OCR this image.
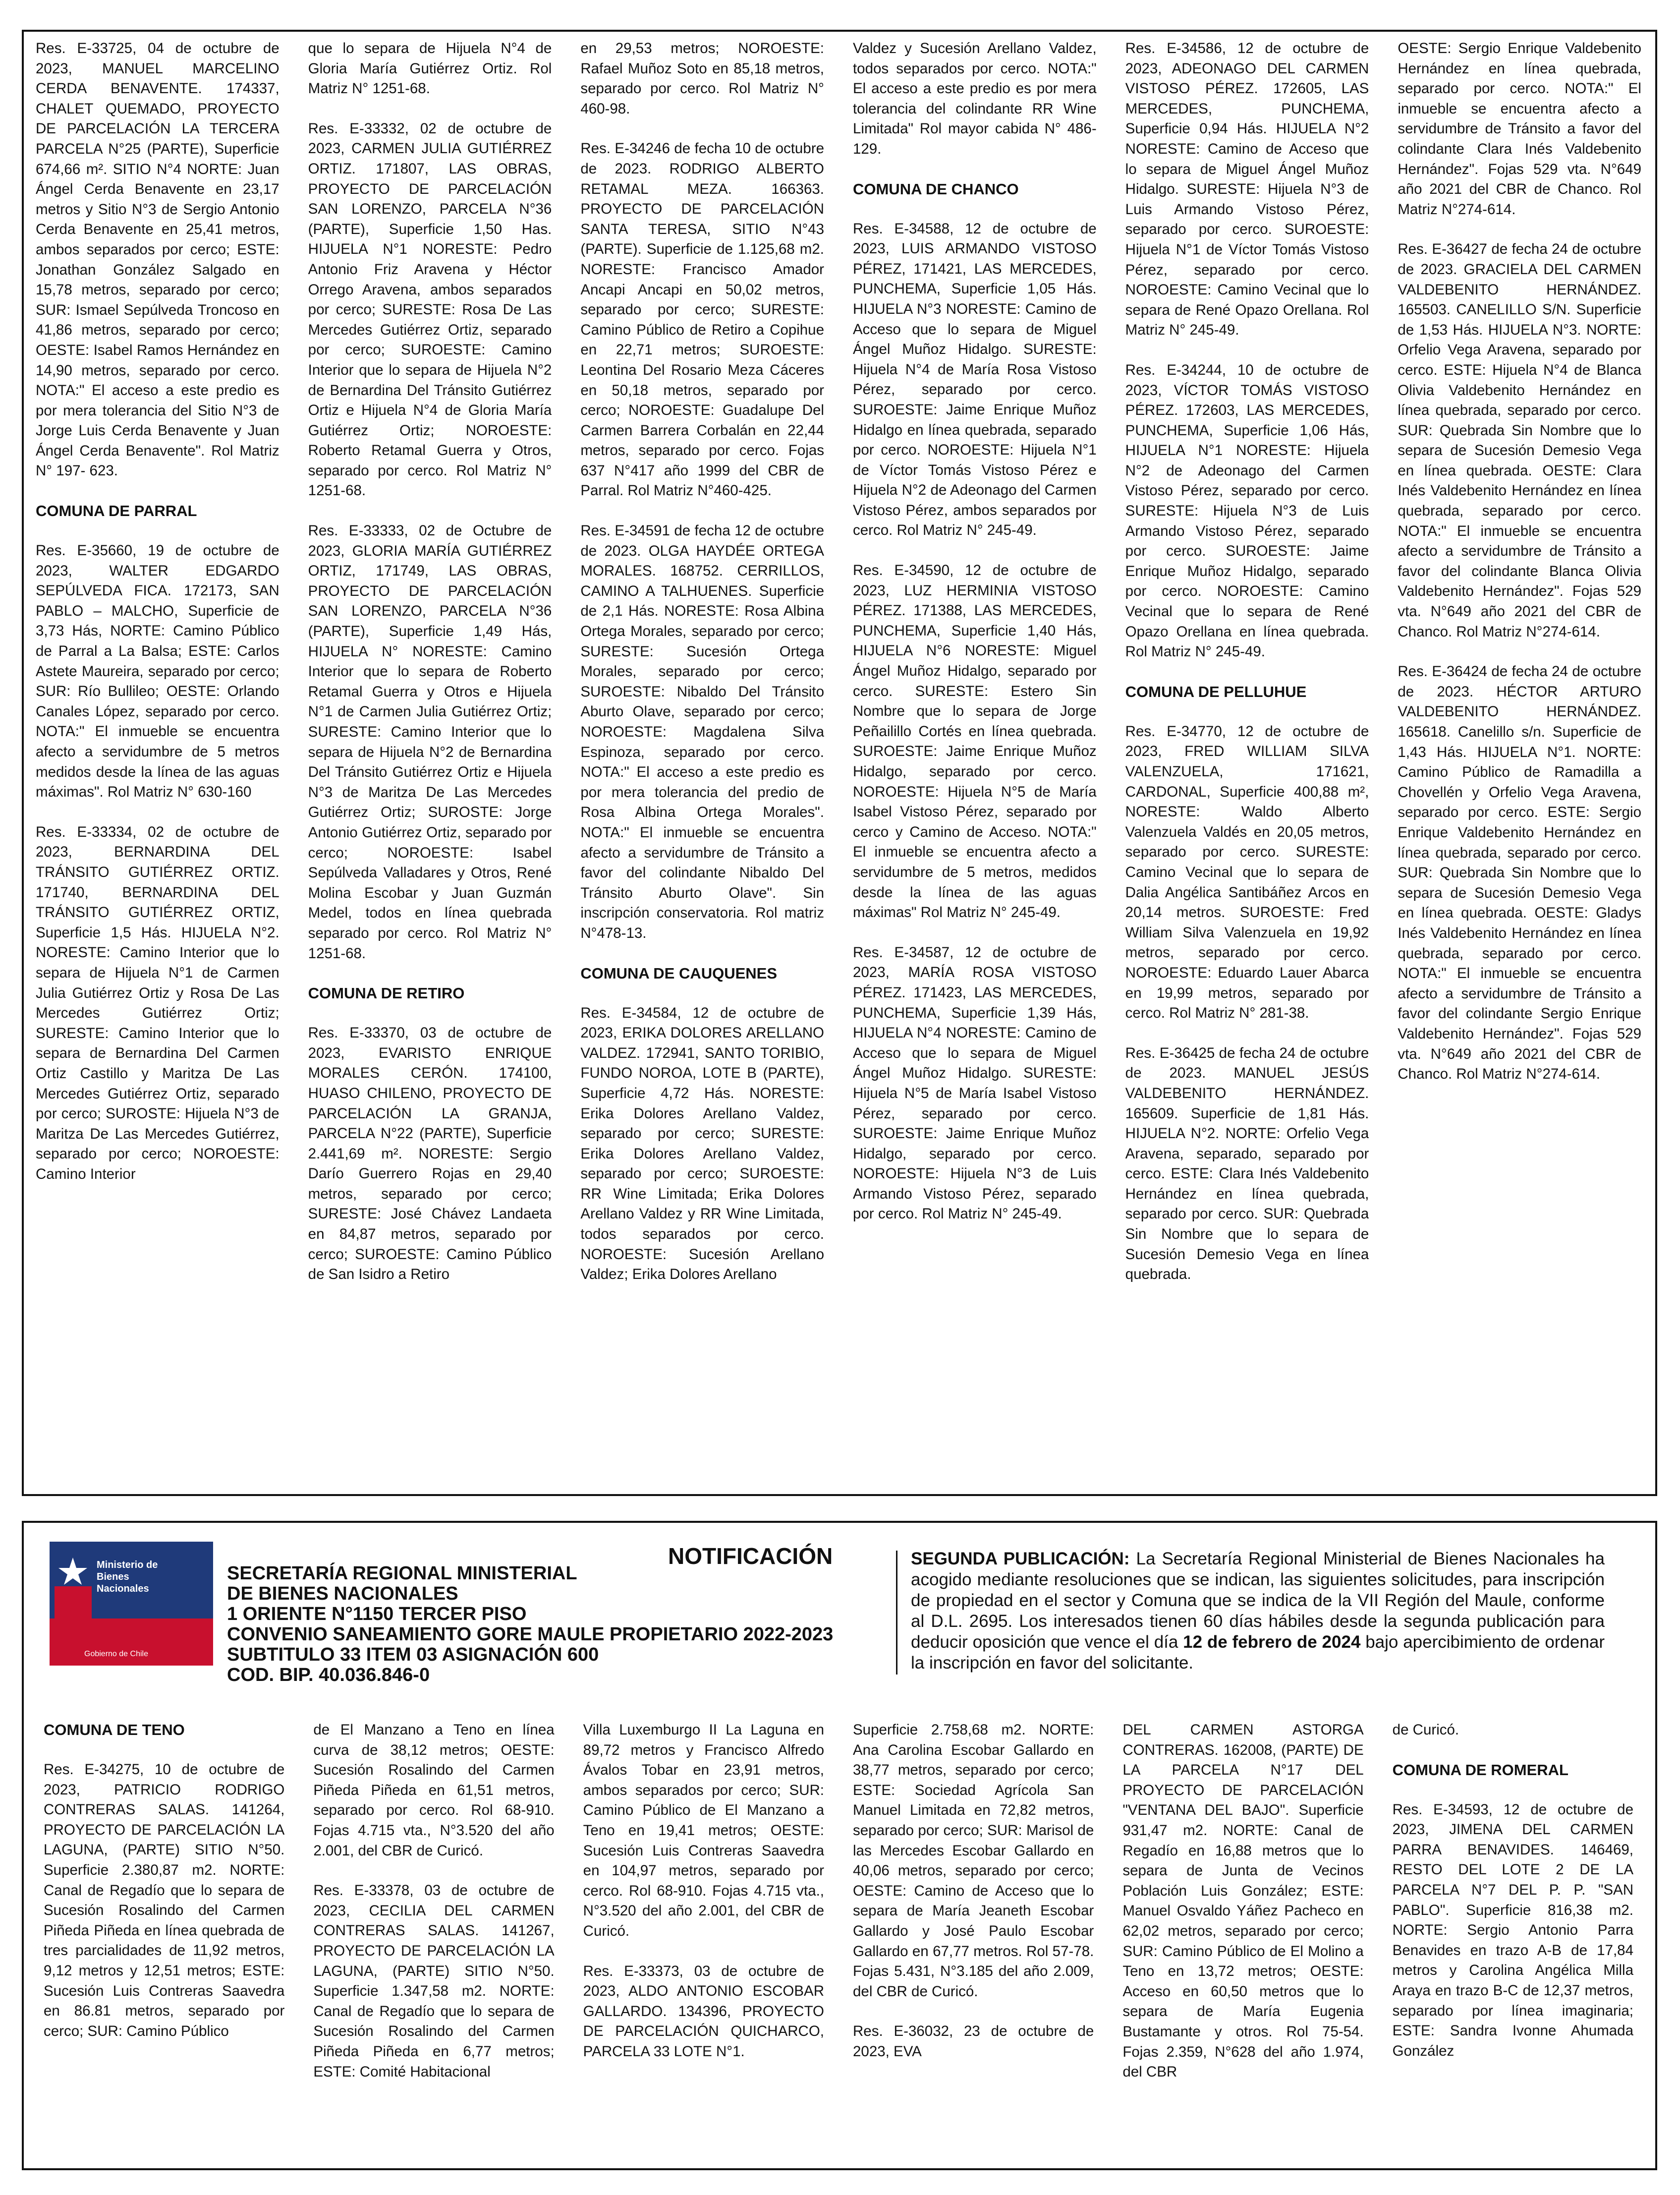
Res. E-33725, 04 de octubre de 2023, MANUEL MARCELINO CERDA BENAVENTE. 174337, CHALET QUEMADO, PROYECTO DE PARCELACIÓN LA TERCERA PARCELA N°25 (PARTE), Superficie 674,66 m². SITIO N°4 NORTE: Juan Ángel Cerda Benavente en 23,17 metros y Sitio N°3 de Sergio Antonio Cerda Benavente en 25,41 metros, ambos separados por cerco; ESTE: Jonathan González Salgado en 15,78 metros, separado por cerco; SUR: Ismael Sepúlveda Troncoso en 41,86 metros, separado por cerco; OESTE: Isabel Ramos Hernández en 14,90 metros, separado por cerco. NOTA:" El acceso a este predio es por mera tolerancia del Sitio N°3 de Jorge Luis Cerda Benavente y Juan Ángel Cerda Benavente". Rol Matriz N° 197- 623.

COMUNA DE PARRAL

Res. E-35660, 19 de octubre de 2023, WALTER EDGARDO SEPÚLVEDA FICA. 172173, SAN PABLO – MALCHO, Superficie de 3,73 Hás, NORTE: Camino Público de Parral a La Balsa; ESTE: Carlos Astete Maureira, separado por cerco; SUR: Río Bullileo; OESTE: Orlando Canales López, separado por cerco. NOTA:" El inmueble se encuentra afecto a servidumbre de 5 metros medidos desde la línea de las aguas máximas". Rol Matriz N° 630-160

Res. E-33334, 02 de octubre de 2023, BERNARDINA DEL TRÁNSITO GUTIÉRREZ ORTIZ. 171740, BERNARDINA DEL TRÁNSITO GUTIÉRREZ ORTIZ, Superficie 1,5 Hás. HIJUELA N°2. NORESTE: Camino Interior que lo separa de Hijuela N°1 de Carmen Julia Gutiérrez Ortiz y Rosa De Las Mercedes Gutiérrez Ortiz; SURESTE: Camino Interior que lo separa de Bernardina Del Carmen Ortiz Castillo y Maritza De Las Mercedes Gutiérrez Ortiz, separado por cerco; SUROSTE: Hijuela N°3 de Maritza De Las Mercedes Gutiérrez, separado por cerco; NOROESTE: Camino Interior

que lo separa de Hijuela N°4 de Gloria María Gutiérrez Ortiz. Rol Matriz N° 1251-68.

Res. E-33332, 02 de octubre de 2023, CARMEN JULIA GUTIÉRREZ ORTIZ. 171807, LAS OBRAS, PROYECTO DE PARCELACIÓN SAN LORENZO, PARCELA N°36 (PARTE), Superficie 1,50 Has. HIJUELA N°1 NORESTE: Pedro Antonio Friz Aravena y Héctor Orrego Aravena, ambos separados por cerco; SURESTE: Rosa De Las Mercedes Gutiérrez Ortiz, separado por cerco; SUROESTE: Camino Interior que lo separa de Hijuela N°2 de Bernardina Del Tránsito Gutiérrez Ortiz e Hijuela N°4 de Gloria María Gutiérrez Ortiz; NOROESTE: Roberto Retamal Guerra y Otros, separado por cerco. Rol Matriz N° 1251-68.

Res. E-33333, 02 de Octubre de 2023, GLORIA MARÍA GUTIÉRREZ ORTIZ, 171749, LAS OBRAS, PROYECTO DE PARCELACIÓN SAN LORENZO, PARCELA N°36 (PARTE), Superficie 1,49 Hás, HIJUELA N° NORESTE: Camino Interior que lo separa de Roberto Retamal Guerra y Otros e Hijuela N°1 de Carmen Julia Gutiérrez Ortiz; SURESTE: Camino Interior que lo separa de Hijuela N°2 de Bernardina Del Tránsito Gutiérrez Ortiz e Hijuela N°3 de Maritza De Las Mercedes Gutiérrez Ortiz; SUROSTE: Jorge Antonio Gutiérrez Ortiz, separado por cerco; NOROESTE: Isabel Sepúlveda Valladares y Otros, René Molina Escobar y Juan Guzmán Medel, todos en línea quebrada separado por cerco. Rol Matriz N° 1251-68.

COMUNA DE RETIRO

Res. E-33370, 03 de octubre de 2023, EVARISTO ENRIQUE MORALES CERÓN. 174100, HUASO CHILENO, PROYECTO DE PARCELACIÓN LA GRANJA, PARCELA N°22 (PARTE), Superficie 2.441,69 m². NORESTE: Sergio Darío Guerrero Rojas en 29,40 metros, separado por cerco; SURESTE: José Chávez Landaeta en 84,87 metros, separado por cerco; SUROESTE: Camino Público de San Isidro a Retiro

en 29,53 metros; NOROESTE: Rafael Muñoz Soto en 85,18 metros, separado por cerco. Rol Matriz N° 460-98.

Res. E-34246 de fecha 10 de octubre de 2023. RODRIGO ALBERTO RETAMAL MEZA. 166363. PROYECTO DE PARCELACIÓN SANTA TERESA, SITIO N°43 (PARTE). Superficie de 1.125,68 m2. NORESTE: Francisco Amador Ancapi Ancapi en 50,02 metros, separado por cerco; SURESTE: Camino Público de Retiro a Copihue en 22,71 metros; SUROESTE: Leontina Del Rosario Meza Cáceres en 50,18 metros, separado por cerco; NOROESTE: Guadalupe Del Carmen Barrera Corbalán en 22,44 metros, separado por cerco. Fojas 637 N°417 año 1999 del CBR de Parral. Rol Matriz N°460-425.

Res. E-34591 de fecha 12 de octubre de 2023. OLGA HAYDÉE ORTEGA MORALES. 168752. CERRILLOS, CAMINO A TALHUENES. Superficie de 2,1 Hás. NORESTE: Rosa Albina Ortega Morales, separado por cerco; SURESTE: Sucesión Ortega Morales, separado por cerco; SUROESTE: Nibaldo Del Tránsito Aburto Olave, separado por cerco; NOROESTE: Magdalena Silva Espinoza, separado por cerco. NOTA:" El acceso a este predio es por mera tolerancia del predio de Rosa Albina Ortega Morales". NOTA:" El inmueble se encuentra afecto a servidumbre de Tránsito a favor del colindante Nibaldo Del Tránsito Aburto Olave". Sin inscripción conservatoria. Rol matriz N°478-13.

COMUNA DE CAUQUENES

Res. E-34584, 12 de octubre de 2023, ERIKA DOLORES ARELLANO VALDEZ. 172941, SANTO TORIBIO, FUNDO NOROA, LOTE B (PARTE), Superficie 4,72 Hás. NORESTE: Erika Dolores Arellano Valdez, separado por cerco; SURESTE: Erika Dolores Arellano Valdez, separado por cerco; SUROESTE: RR Wine Limitada; Erika Dolores Arellano Valdez y RR Wine Limitada, todos separados por cerco. NOROESTE: Sucesión Arellano Valdez; Erika Dolores Arellano

Valdez y Sucesión Arellano Valdez, todos separados por cerco. NOTA:" El acceso a este predio es por mera tolerancia del colindante RR Wine Limitada" Rol mayor cabida N° 486-129.

COMUNA DE CHANCO

Res. E-34588, 12 de octubre de 2023, LUIS ARMANDO VISTOSO PÉREZ, 171421, LAS MERCEDES, PUNCHEMA, Superficie 1,05 Hás. HIJUELA N°3 NORESTE: Camino de Acceso que lo separa de Miguel Ángel Muñoz Hidalgo. SURESTE: Hijuela N°4 de María Rosa Vistoso Pérez, separado por cerco. SUROESTE: Jaime Enrique Muñoz Hidalgo en línea quebrada, separado por cerco. NOROESTE: Hijuela N°1 de Víctor Tomás Vistoso Pérez e Hijuela N°2 de Adeonago del Carmen Vistoso Pérez, ambos separados por cerco. Rol Matriz N° 245-49.

Res. E-34590, 12 de octubre de 2023, LUZ HERMINIA VISTOSO PÉREZ. 171388, LAS MERCEDES, PUNCHEMA, Superficie 1,40 Hás, HIJUELA N°6 NORESTE: Miguel Ángel Muñoz Hidalgo, separado por cerco. SURESTE: Estero Sin Nombre que lo separa de Jorge Peñailillo Cortés en línea quebrada. SUROESTE: Jaime Enrique Muñoz Hidalgo, separado por cerco. NOROESTE: Hijuela N°5 de María Isabel Vistoso Pérez, separado por cerco y Camino de Acceso. NOTA:" El inmueble se encuentra afecto a servidumbre de 5 metros, medidos desde la línea de las aguas máximas" Rol Matriz N° 245-49.

Res. E-34587, 12 de octubre de 2023, MARÍA ROSA VISTOSO PÉREZ. 171423, LAS MERCEDES, PUNCHEMA, Superficie 1,39 Hás, HIJUELA N°4 NORESTE: Camino de Acceso que lo separa de Miguel Ángel Muñoz Hidalgo. SURESTE: Hijuela N°5 de María Isabel Vistoso Pérez, separado por cerco. SUROESTE: Jaime Enrique Muñoz Hidalgo, separado por cerco. NOROESTE: Hijuela N°3 de Luis Armando Vistoso Pérez, separado por cerco. Rol Matriz N° 245-49.

Res. E-34586, 12 de octubre de 2023, ADEONAGO DEL CARMEN VISTOSO PÉREZ. 172605, LAS MERCEDES, PUNCHEMA, Superficie 0,94 Hás. HIJUELA N°2 NORESTE: Camino de Acceso que lo separa de Miguel Ángel Muñoz Hidalgo. SURESTE: Hijuela N°3 de Luis Armando Vistoso Pérez, separado por cerco. SUROESTE: Hijuela N°1 de Víctor Tomás Vistoso Pérez, separado por cerco. NOROESTE: Camino Vecinal que lo separa de René Opazo Orellana. Rol Matriz N° 245-49.

Res. E-34244, 10 de octubre de 2023, VÍCTOR TOMÁS VISTOSO PÉREZ. 172603, LAS MERCEDES, PUNCHEMA, Superficie 1,06 Hás, HIJUELA N°1 NORESTE: Hijuela N°2 de Adeonago del Carmen Vistoso Pérez, separado por cerco. SURESTE: Hijuela N°3 de Luis Armando Vistoso Pérez, separado por cerco. SUROESTE: Jaime Enrique Muñoz Hidalgo, separado por cerco. NOROESTE: Camino Vecinal que lo separa de René Opazo Orellana en línea quebrada. Rol Matriz N° 245-49.

COMUNA DE PELLUHUE

Res. E-34770, 12 de octubre de 2023, FRED WILLIAM SILVA VALENZUELA, 171621, CARDONAL, Superficie 400,88 m², NORESTE: Waldo Alberto Valenzuela Valdés en 20,05 metros, separado por cerco. SURESTE: Camino Vecinal que lo separa de Dalia Angélica Santibáñez Arcos en 20,14 metros. SUROESTE: Fred William Silva Valenzuela en 19,92 metros, separado por cerco. NOROESTE: Eduardo Lauer Abarca en 19,99 metros, separado por cerco. Rol Matriz N° 281-38.

Res. E-36425 de fecha 24 de octubre de 2023. MANUEL JESÚS VALDEBENITO HERNÁNDEZ. 165609. Superficie de 1,81 Hás. HIJUELA N°2. NORTE: Orfelio Vega Aravena, separado, separado por cerco. ESTE: Clara Inés Valdebenito Hernández en línea quebrada, separado por cerco. SUR: Quebrada Sin Nombre que lo separa de Sucesión Demesio Vega en línea quebrada.

OESTE: Sergio Enrique Valdebenito Hernández en línea quebrada, separado por cerco. NOTA:" El inmueble se encuentra afecto a servidumbre de Tránsito a favor del colindante Clara Inés Valdebenito Hernández". Fojas 529 vta. N°649 año 2021 del CBR de Chanco. Rol Matriz N°274-614.

Res. E-36427 de fecha 24 de octubre de 2023. GRACIELA DEL CARMEN VALDEBENITO HERNÁNDEZ. 165503. CANELILLO S/N. Superficie de 1,53 Hás. HIJUELA N°3. NORTE: Orfelio Vega Aravena, separado por cerco. ESTE: Hijuela N°4 de Blanca Olivia Valdebenito Hernández en línea quebrada, separado por cerco. SUR: Quebrada Sin Nombre que lo separa de Sucesión Demesio Vega en línea quebrada. OESTE: Clara Inés Valdebenito Hernández en línea quebrada, separado por cerco. NOTA:" El inmueble se encuentra afecto a servidumbre de Tránsito a favor del colindante Blanca Olivia Valdebenito Hernández". Fojas 529 vta. N°649 año 2021 del CBR de Chanco. Rol Matriz N°274-614.

Res. E-36424 de fecha 24 de octubre de 2023. HÉCTOR ARTURO VALDEBENITO HERNÁNDEZ. 165618. Canelillo s/n. Superficie de 1,43 Hás. HIJUELA N°1. NORTE: Camino Público de Ramadilla a Chovellén y Orfelio Vega Aravena, separado por cerco. ESTE: Sergio Enrique Valdebenito Hernández en línea quebrada, separado por cerco. SUR: Quebrada Sin Nombre que lo separa de Sucesión Demesio Vega en línea quebrada. OESTE: Gladys Inés Valdebenito Hernández en línea quebrada, separado por cerco. NOTA:" El inmueble se encuentra afecto a servidumbre de Tránsito a favor del colindante Sergio Enrique Valdebenito Hernández". Fojas 529 vta. N°649 año 2021 del CBR de Chanco. Rol Matriz N°274-614.

Ministerio de
Bienes
Nacionales
Gobierno de Chile
SECRETARÍA REGIONAL MINISTERIAL
DE BIENES NACIONALES
1 ORIENTE N°1150 TERCER PISO
CONVENIO SANEAMIENTO GORE MAULE PROPIETARIO 2022-2023
SUBTITULO 33 ITEM 03 ASIGNACIÓN 600
COD. BIP. 40.036.846-0
NOTIFICACIÓN	SEGUNDA PUBLICACIÓN: La Secretaría Regional Ministerial de Bienes Nacionales ha acogido mediante resoluciones que se indican, las siguientes solicitudes, para inscripción de propiedad en el sector y Comuna que se indica de la VII Región del Maule, conforme al D.L. 2695. Los interesados tienen 60 días hábiles desde la segunda publicación para deducir oposición que vence el día 12 de febrero de 2024 bajo apercibimiento de ordenar la inscripción en favor del solicitante.
COMUNA DE TENO

Res. E-34275, 10 de octubre de 2023, PATRICIO RODRIGO CONTRERAS SALAS. 141264, PROYECTO DE PARCELACIÓN LA LAGUNA, (PARTE) SITIO N°50. Superficie 2.380,87 m2. NORTE: Canal de Regadío que lo separa de Sucesión Rosalindo del Carmen Piñeda Piñeda en línea quebrada de tres parcialidades de 11,92 metros, 9,12 metros y 12,51 metros; ESTE: Sucesión Luis Contreras Saavedra en 86.81 metros, separado por cerco; SUR: Camino Público

de El Manzano a Teno en línea curva de 38,12 metros; OESTE: Sucesión Rosalindo del Carmen Piñeda Piñeda en 61,51 metros, separado por cerco. Rol 68-910. Fojas 4.715 vta., N°3.520 del año 2.001, del CBR de Curicó.

Res. E-33378, 03 de octubre de 2023, CECILIA DEL CARMEN CONTRERAS SALAS. 141267, PROYECTO DE PARCELACIÓN LA LAGUNA, (PARTE) SITIO N°50. Superficie 1.347,58 m2. NORTE: Canal de Regadío que lo separa de Sucesión Rosalindo del Carmen Piñeda Piñeda en 6,77 metros; ESTE: Comité Habitacional

Villa Luxemburgo II La Laguna en 89,72 metros y Francisco Alfredo Ávalos Tobar en 23,91 metros, ambos separados por cerco; SUR: Camino Público de El Manzano a Teno en 19,41 metros; OESTE: Sucesión Luis Contreras Saavedra en 104,97 metros, separado por cerco. Rol 68-910. Fojas 4.715 vta., N°3.520 del año 2.001, del CBR de Curicó.

Res. E-33373, 03 de octubre de 2023, ALDO ANTONIO ESCOBAR GALLARDO. 134396, PROYECTO DE PARCELACIÓN QUICHARCO, PARCELA 33 LOTE N°1.

Superficie 2.758,68 m2. NORTE: Ana Carolina Escobar Gallardo en 38,77 metros, separado por cerco; ESTE: Sociedad Agrícola San Manuel Limitada en 72,82 metros, separado por cerco; SUR: Marisol de las Mercedes Escobar Gallardo en 40,06 metros, separado por cerco; OESTE: Camino de Acceso que lo separa de María Jeaneth Escobar Gallardo y José Paulo Escobar Gallardo en 67,77 metros. Rol 57-78. Fojas 5.431, N°3.185 del año 2.009, del CBR de Curicó.

Res. E-36032, 23 de octubre de 2023, EVA

DEL CARMEN ASTORGA CONTRERAS. 162008, (PARTE) DE LA PARCELA N°17 DEL PROYECTO DE PARCELACIÓN "VENTANA DEL BAJO". Superficie 931,47 m2. NORTE: Canal de Regadío en 16,88 metros que lo separa de Junta de Vecinos Población Luis González; ESTE: Manuel Osvaldo Yáñez Pacheco en 62,02 metros, separado por cerco; SUR: Camino Público de El Molino a Teno en 13,72 metros; OESTE: Acceso en 60,50 metros que lo separa de María Eugenia Bustamante y otros. Rol 75-54. Fojas 2.359, N°628 del año 1.974, del CBR

de Curicó.

COMUNA DE ROMERAL

Res. E-34593, 12 de octubre de 2023, JIMENA DEL CARMEN PARRA BENAVIDES. 146469, RESTO DEL LOTE 2 DE LA PARCELA N°7 DEL P. P. "SAN PABLO". Superficie 816,38 m2. NORTE: Sergio Antonio Parra Benavides en trazo A-B de 17,84 metros y Carolina Angélica Milla Araya en trazo B-C de 12,37 metros, separado por línea imaginaria; ESTE: Sandra Ivonne Ahumada González
